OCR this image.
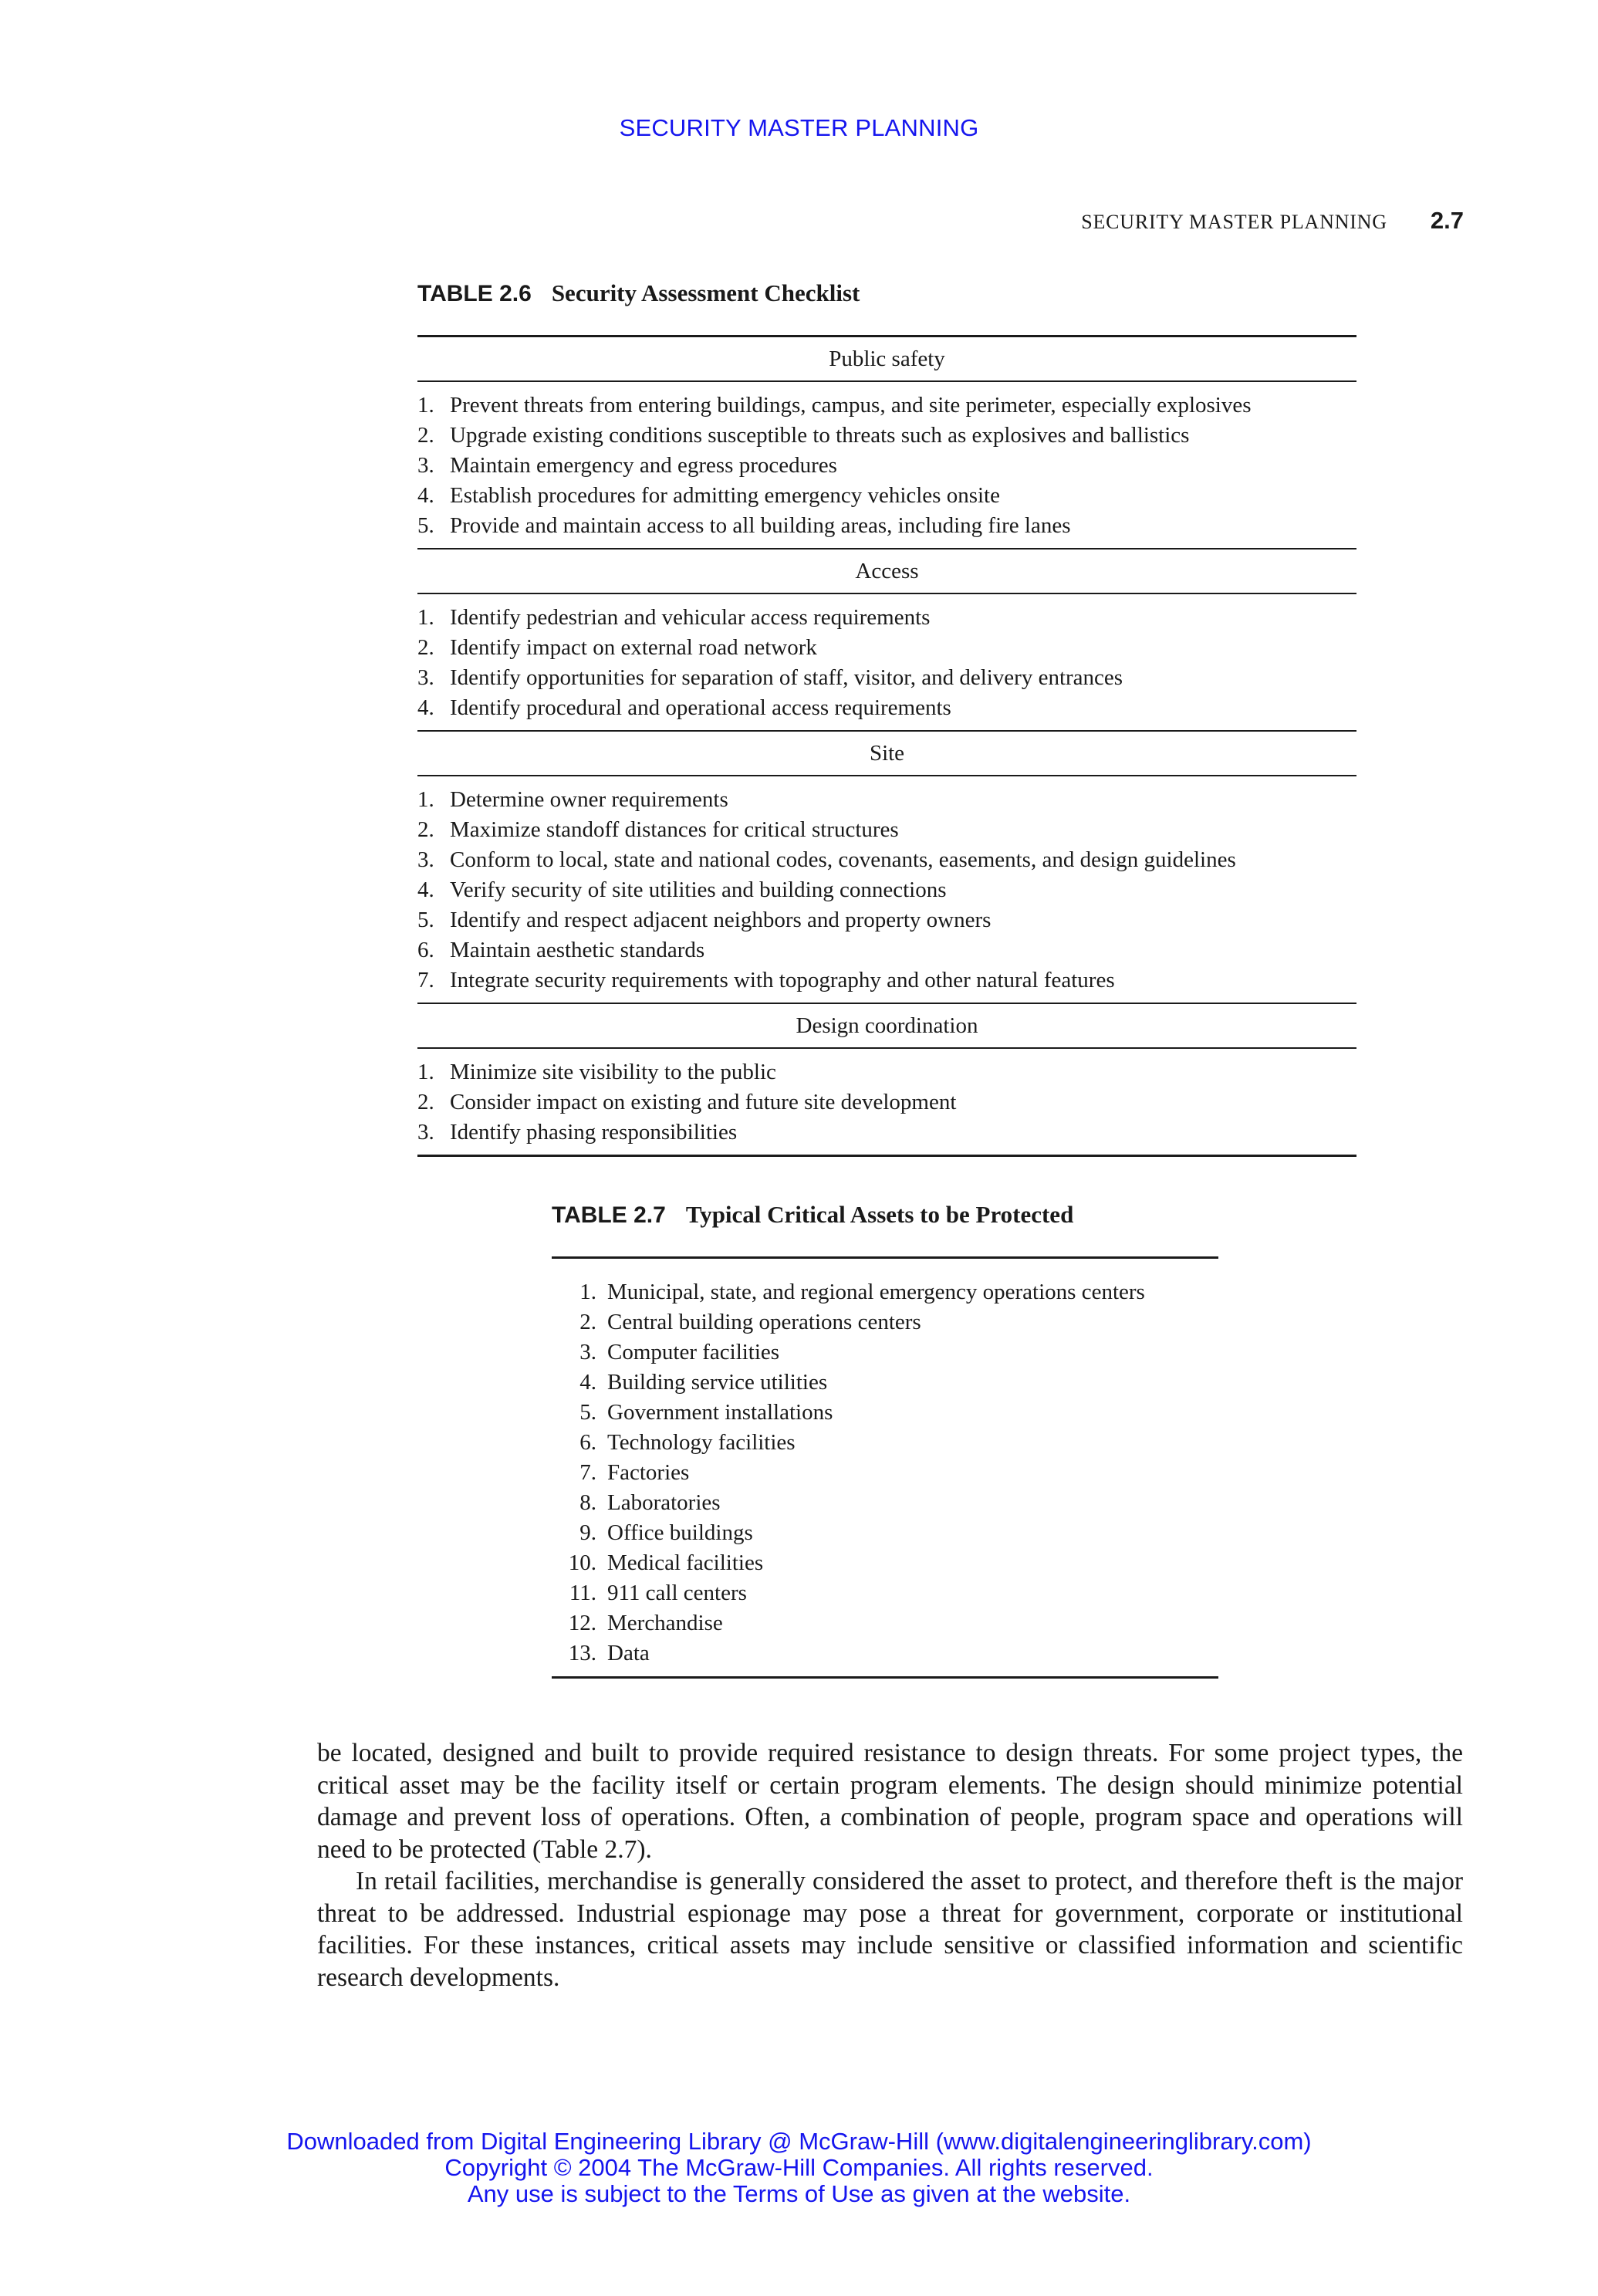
SECURITY MASTER PLANNING
SECURITY MASTER PLANNING 2.7
TABLE 2.6 Security Assessment Checklist
Public safety
1. Prevent threats from entering buildings, campus, and site perimeter, especially explosives
2. Upgrade existing conditions susceptible to threats such as explosives and ballistics
3. Maintain emergency and egress procedures
4. Establish procedures for admitting emergency vehicles onsite
5. Provide and maintain access to all building areas, including fire lanes
Access
1. Identify pedestrian and vehicular access requirements
2. Identify impact on external road network
3. Identify opportunities for separation of staff, visitor, and delivery entrances
4. Identify procedural and operational access requirements
Site
1. Determine owner requirements
2. Maximize standoff distances for critical structures
3. Conform to local, state and national codes, covenants, easements, and design guidelines
4. Verify security of site utilities and building connections
5. Identify and respect adjacent neighbors and property owners
6. Maintain aesthetic standards
7. Integrate security requirements with topography and other natural features
Design coordination
1. Minimize site visibility to the public
2. Consider impact on existing and future site development
3. Identify phasing responsibilities
TABLE 2.7 Typical Critical Assets to be Protected
1. Municipal, state, and regional emergency operations centers
2. Central building operations centers
3. Computer facilities
4. Building service utilities
5. Government installations
6. Technology facilities
7. Factories
8. Laboratories
9. Office buildings
10. Medical facilities
11. 911 call centers
12. Merchandise
13. Data

be located, designed and built to provide required resistance to design threats. For some project types, the critical asset may be the facility itself or certain program elements. The design should minimize potential damage and prevent loss of operations. Often, a combination of people, program space and operations will need to be protected (Table 2.7).

In retail facilities, merchandise is generally considered the asset to protect, and therefore theft is the major threat to be addressed. Industrial espionage may pose a threat for government, corporate or institutional facilities. For these instances, critical assets may include sensitive or classified information and scientific research developments.

Downloaded from Digital Engineering Library @ McGraw-Hill (www.digitalengineeringlibrary.com)
Copyright © 2004 The McGraw-Hill Companies. All rights reserved.
Any use is subject to the Terms of Use as given at the website.
